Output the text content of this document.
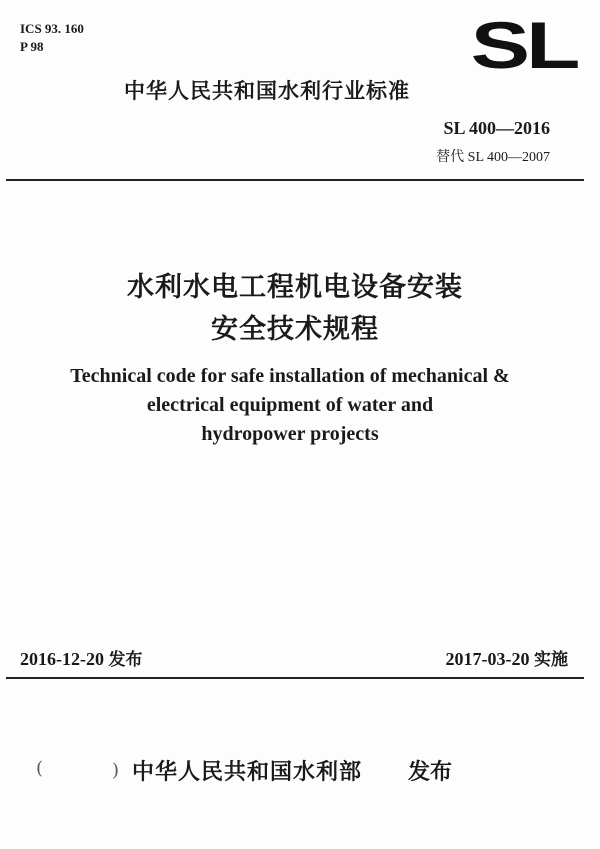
ICS 93. 160
P 98	SL
中华人民共和国水利行业标准
SL 400—2016
替代 SL 400—2007
水利水电工程机电设备安装
安全技术规程
Technical code for safe installation of mechanical &
electrical equipment of water and
hydropower projects
2016-12-20 发布	2017-03-20 实施
(	) 中华人民共和国水利部 发布
